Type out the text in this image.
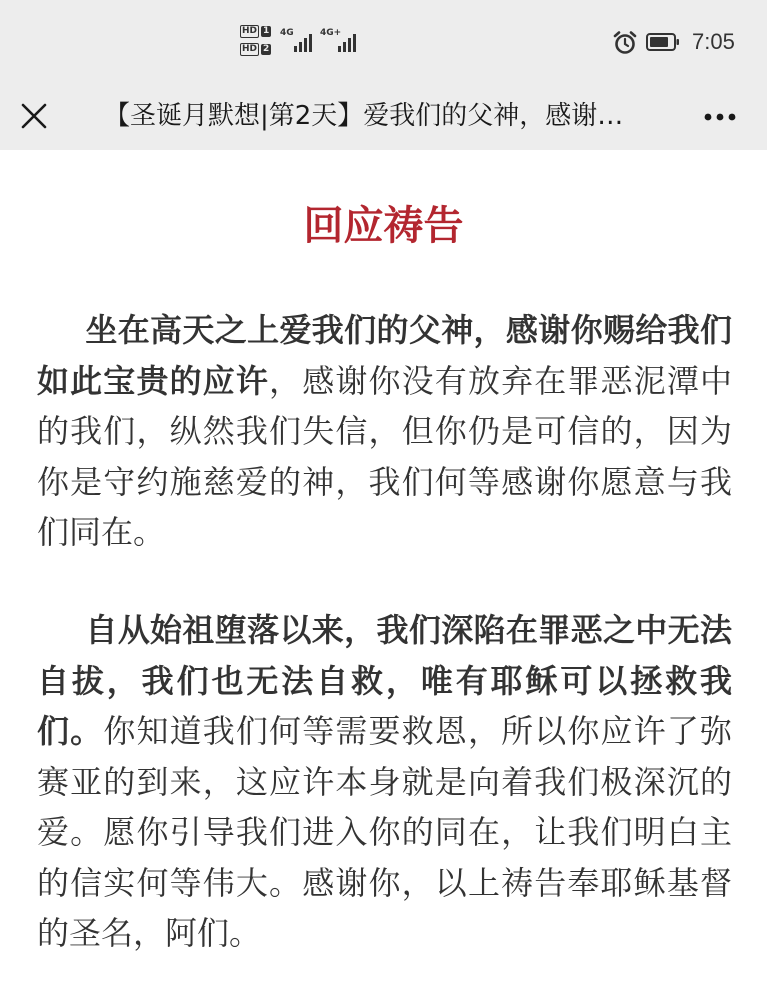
HD 1
HD 2
4G	4G+	7:05
【圣诞月默想|第2天】爱我们的父神，感谢…
回应祷告

坐在高天之上爱我们的父神，感谢你赐给我们如此宝贵的应许，感谢你没有放弃在罪恶泥潭中的我们，纵然我们失信，但你仍是可信的，因为你是守约施慈爱的神，我们何等感谢你愿意与我们同在。

自从始祖堕落以来，我们深陷在罪恶之中无法自拔，我们也无法自救，唯有耶稣可以拯救我们。你知道我们何等需要救恩，所以你应许了弥赛亚的到来，这应许本身就是向着我们极深沉的爱。愿你引导我们进入你的同在，让我们明白主的信实何等伟大。感谢你，以上祷告奉耶稣基督的圣名，阿们。
